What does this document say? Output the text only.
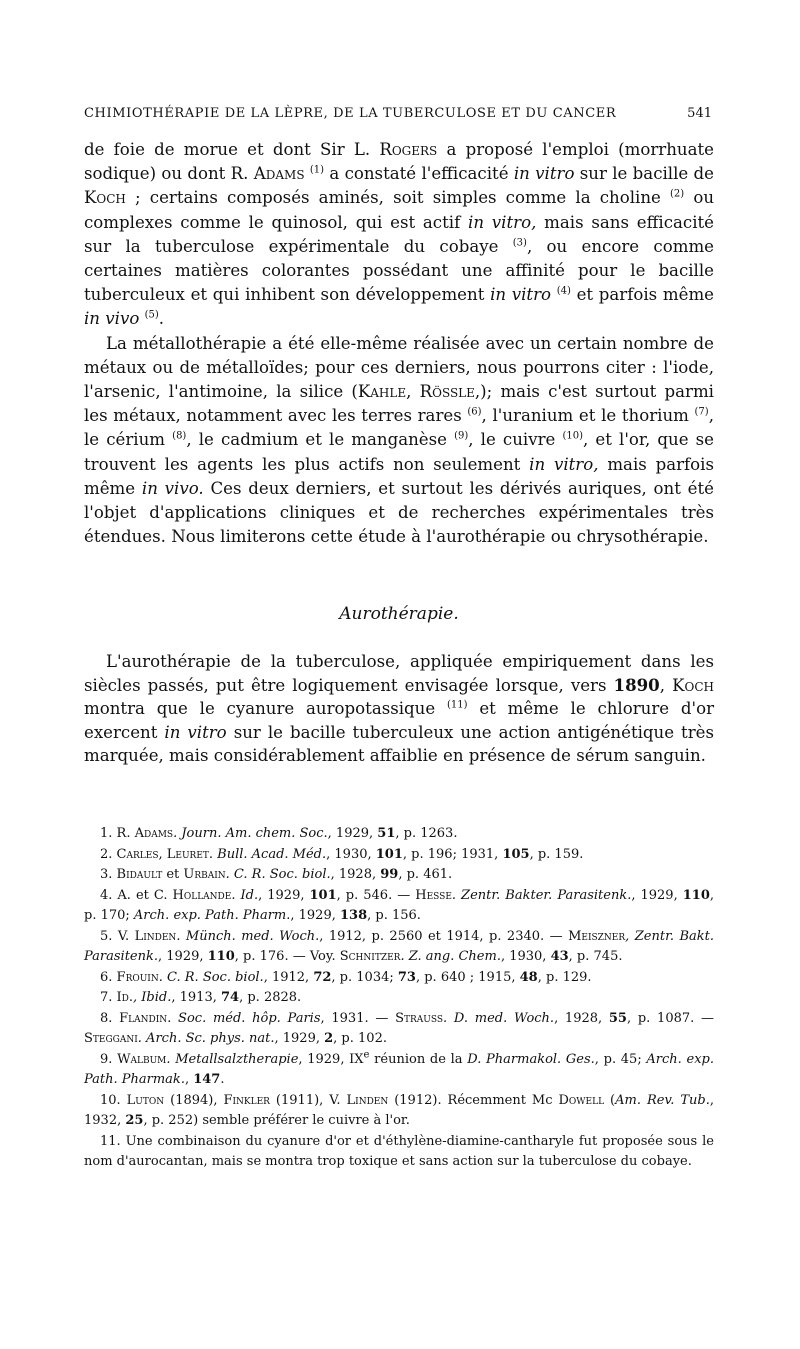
CHIMIOTHÉRAPIE DE LA LÈPRE, DE LA TUBERCULOSE ET DU CANCER	541

de foie de morue et dont Sir L. Rogers a proposé l'emploi (morrhuate sodique) ou dont R. Adams $^{(1)}$ a constaté l'efficacité in vitro sur le bacille de Koch ; certains composés aminés, soit simples comme la choline $^{(2)}$ ou complexes comme le quinosol, qui est actif in vitro, mais sans efficacité sur la tuberculose expérimentale du cobaye $^{(3)}$, ou encore comme certaines matières colorantes possédant une affinité pour le bacille tuberculeux et qui inhibent son développement in vitro $^{(4)}$ et parfois même in vivo $^{(5)}$.

La métallothérapie a été elle-même réalisée avec un certain nombre de métaux ou de métalloïdes; pour ces derniers, nous pourrons citer : l'iode, l'arsenic, l'antimoine, la silice (Kahle, Rössle,); mais c'est surtout parmi les métaux, notamment avec les terres rares $^{(6)}$, l'uranium et le thorium $^{(7)}$, le cérium $^{(8)}$, le cadmium et le manganèse $^{(9)}$, le cuivre $^{(10)}$, et l'or, que se trouvent les agents les plus actifs non seulement in vitro, mais parfois même in vivo. Ces deux derniers, et surtout les dérivés auriques, ont été l'objet d'applications cliniques et de recherches expérimentales très étendues. Nous limiterons cette étude à l'aurothérapie ou chrysothérapie.

Aurothérapie.

L'aurothérapie de la tuberculose, appliquée empiriquement dans les siècles passés, put être logiquement envisagée lorsque, vers 1890, Koch montra que le cyanure auropotassique $^{(11)}$ et même le chlorure d'or exercent in vitro sur le bacille tuberculeux une action antigénétique très marquée, mais considérablement affaiblie en présence de sérum sanguin.

1. R. Adams. Journ. Am. chem. Soc., 1929, 51, p. 1263.

2. Carles, Leuret. Bull. Acad. Méd., 1930, 101, p. 196; 1931, 105, p. 159.

3. Bidault et Urbain. C. R. Soc. biol., 1928, 99, p. 461.

4. A. et C. Hollande. Id., 1929, 101, p. 546. — Hesse. Zentr. Bakter. Parasitenk., 1929, 110, p. 170; Arch. exp. Path. Pharm., 1929, 138, p. 156.

5. V. Linden. Münch. med. Woch., 1912, p. 2560 et 1914, p. 2340. — Meiszner, Zentr. Bakt. Parasitenk., 1929, 110, p. 176. — Voy. Schnitzer. Z. ang. Chem., 1930, 43, p. 745.

6. Frouin. C. R. Soc. biol., 1912, 72, p. 1034; 73, p. 640 ; 1915, 48, p. 129.

7. Id., Ibid., 1913, 74, p. 2828.

8. Flandin. Soc. méd. hôp. Paris, 1931. — Strauss. D. med. Woch., 1928, 55, p. 1087. — Steggani. Arch. Sc. phys. nat., 1929, 2, p. 102.

9. Walbum. Metallsalztherapie, 1929, IXe réunion de la D. Pharmakol. Ges., p. 45; Arch. exp. Path. Pharmak., 147.

10. Luton (1894), Finkler (1911), V. Linden (1912). Récemment Mc Dowell (Am. Rev. Tub., 1932, 25, p. 252) semble préférer le cuivre à l'or.

11. Une combinaison du cyanure d'or et d'éthylène-diamine-cantharyle fut proposée sous le nom d'aurocantan, mais se montra trop toxique et sans action sur la tuberculose du cobaye.
